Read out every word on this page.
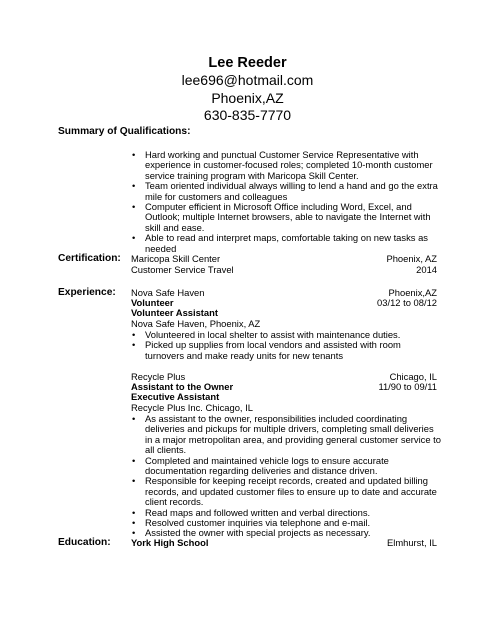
Lee Reeder
lee696@hotmail.com
Phoenix,AZ
630-835-7770
Summary of Qualifications:
• Hard working and punctual Customer Service Representative with experience in customer-focused roles; completed 10-month customer service training program with Maricopa Skill Center.
• Team oriented individual always willing to lend a hand and go the extra mile for customers and colleagues
• Computer efficient in Microsoft Office including Word, Excel, and Outlook; multiple Internet browsers, able to navigate the Internet with skill and ease.
• Able to read and interpret maps, comfortable taking on new tasks as needed
Certification: Maricopa Skill Center	Phoenix, AZ
Customer Service Travel	2014
Experience: Nova Safe Haven	Phoenix,AZ
Volunteer	03/12 to 08/12
Volunteer Assistant
Nova Safe Haven, Phoenix, AZ
• Volunteered in local shelter to assist with maintenance duties.
• Picked up supplies from local vendors and assisted with room turnovers and make ready units for new tenants
Recycle Plus	Chicago, IL
Assistant to the Owner	11/90 to 09/11
Executive Assistant
Recycle Plus Inc. Chicago, IL
• As assistant to the owner, responsibilities included coordinating deliveries and pickups for multiple drivers, completing small deliveries in a major metropolitan area, and providing general customer service to all clients.
• Completed and maintained vehicle logs to ensure accurate documentation regarding deliveries and distance driven.
• Responsible for keeping receipt records, created and updated billing records, and updated customer files to ensure up to date and accurate client records.
• Read maps and followed written and verbal directions.
• Resolved customer inquiries via telephone and e-mail.
• Assisted the owner with special projects as necessary.
Education: York High School	Elmhurst, IL
